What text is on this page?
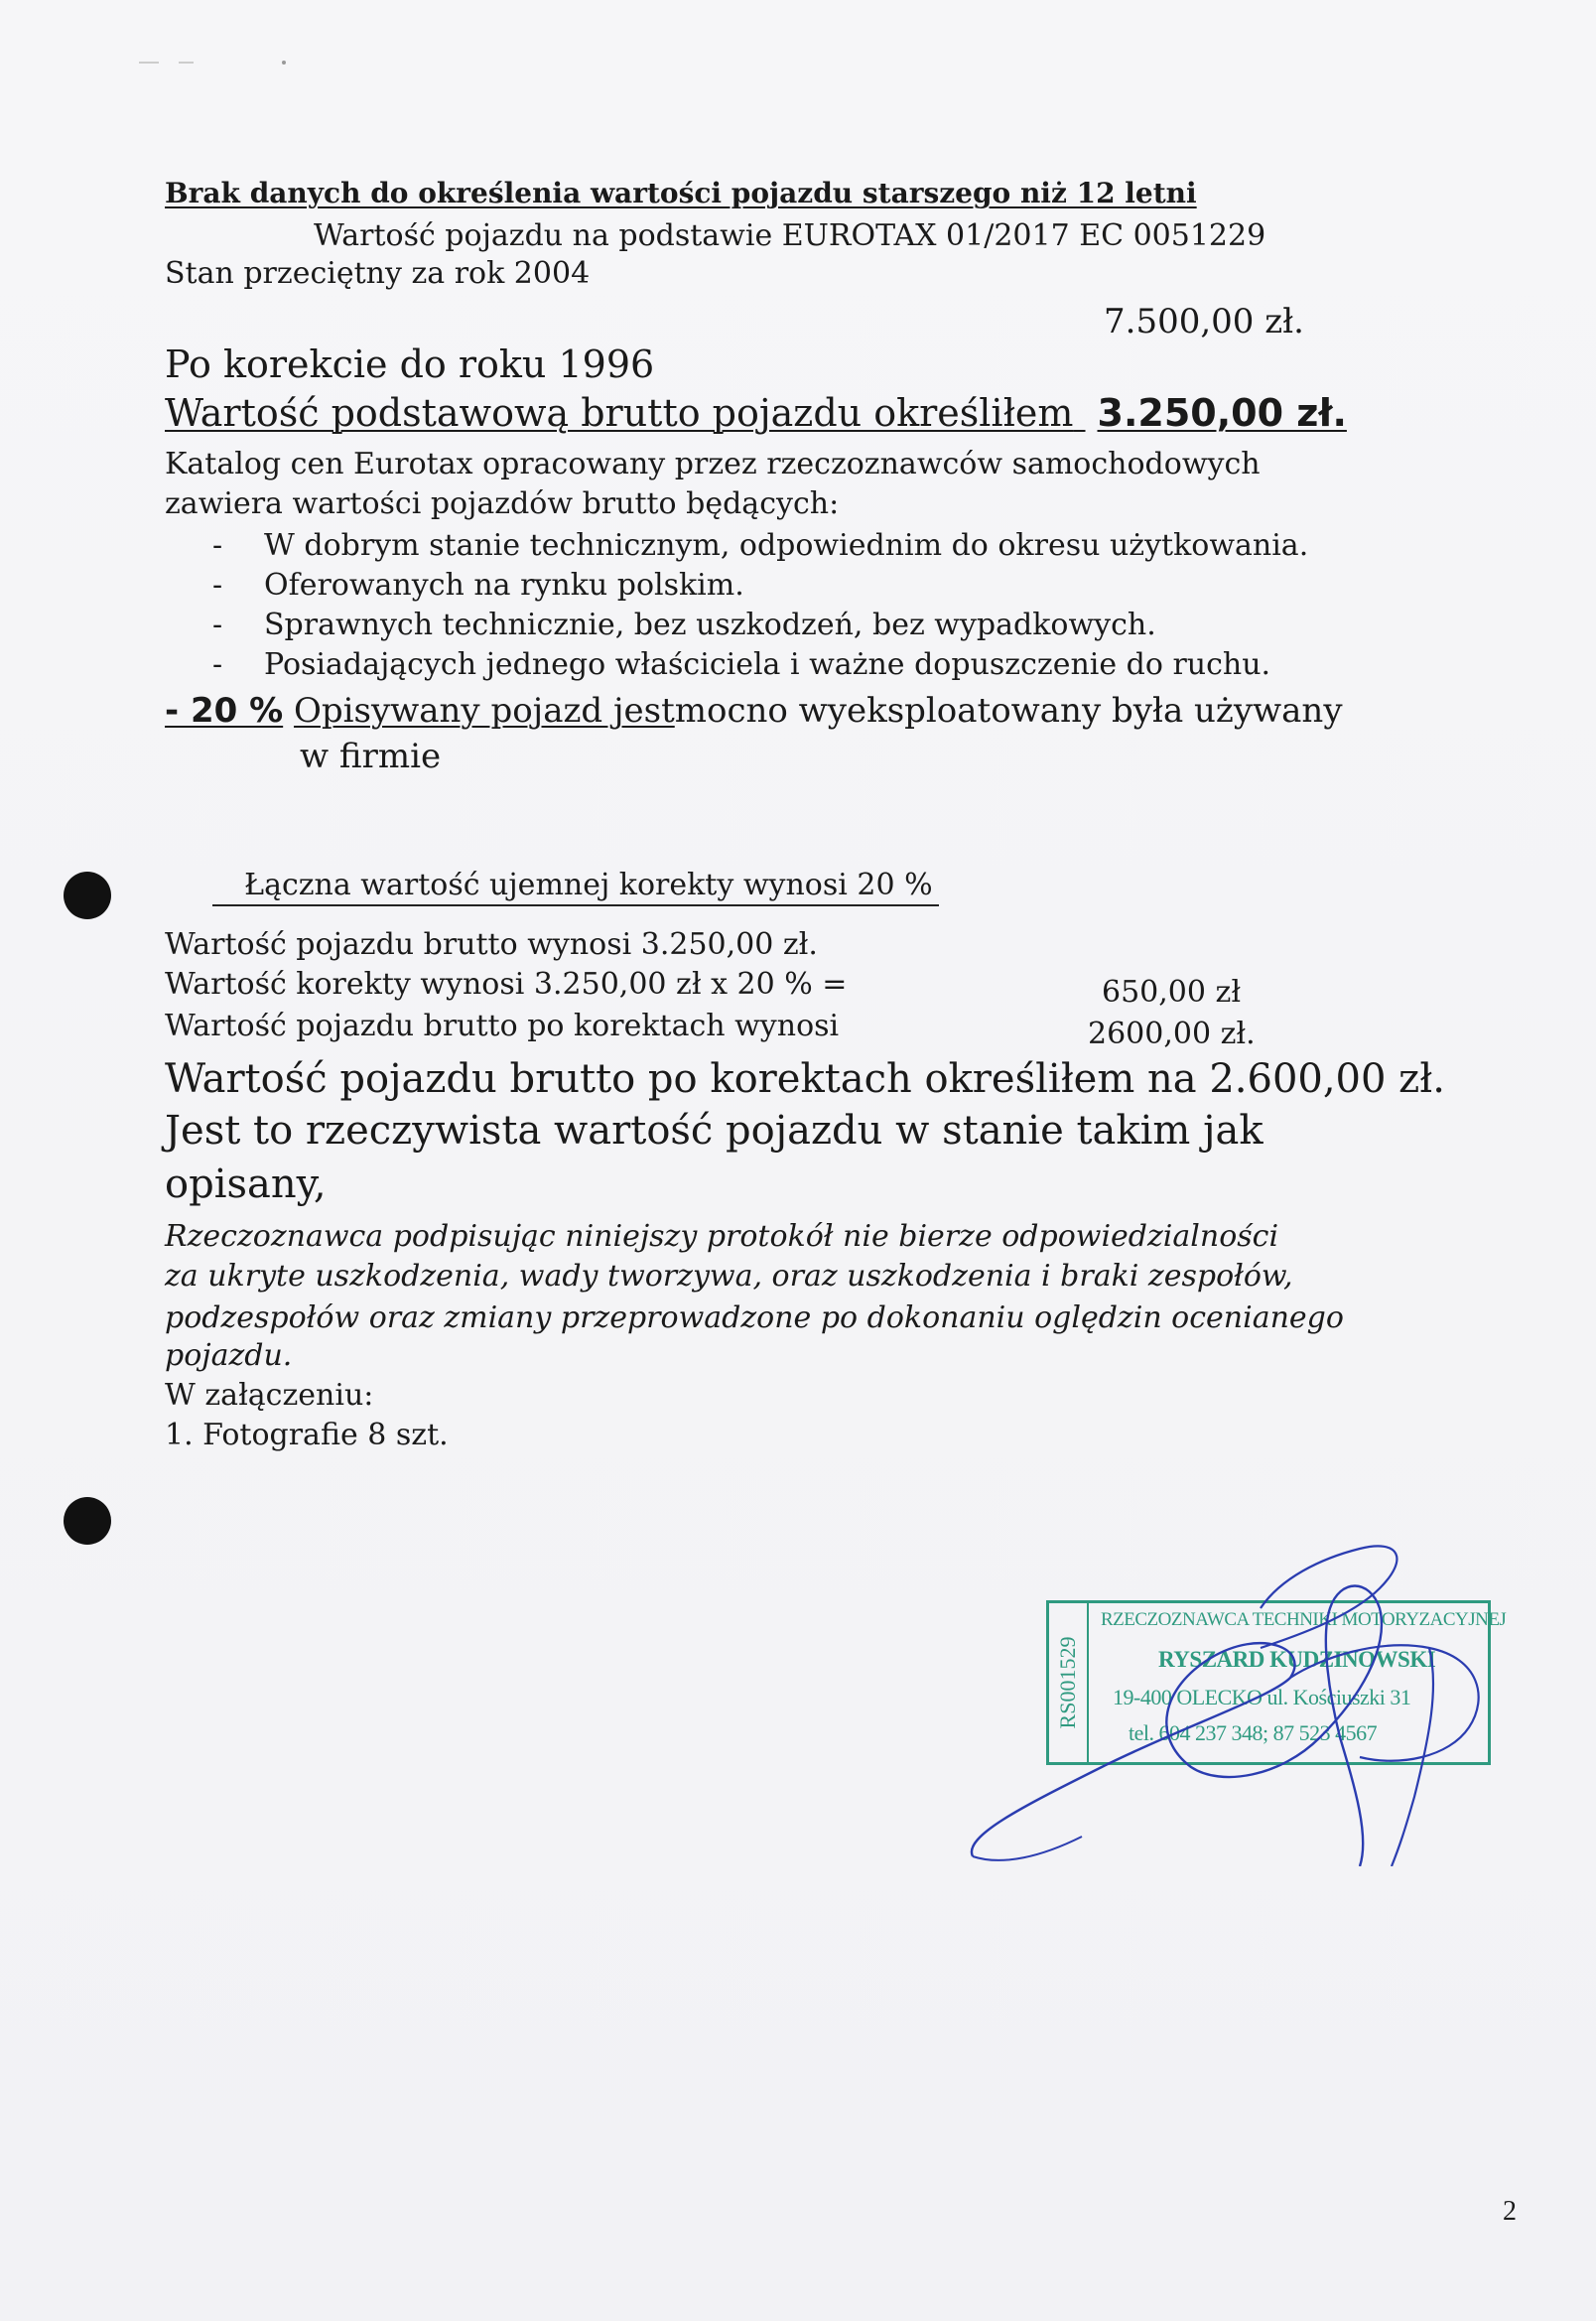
Brak danych do określenia wartości pojazdu starszego niż 12 letni
Wartość pojazdu na podstawie EUROTAX 01/2017 EC 0051229
Stan przeciętny za rok 2004
7.500,00 zł.
Po korekcie do roku 1996
Wartość podstawową brutto pojazdu określiłem 3.250,00 zł.
Katalog cen Eurotax opracowany przez rzeczoznawców samochodowych
zawiera wartości pojazdów brutto będących:
- W dobrym stanie technicznym, odpowiednim do okresu użytkowania.
- Oferowanych na rynku polskim.
- Sprawnych technicznie, bez uszkodzeń, bez wypadkowych.
- Posiadających jednego właściciela i ważne dopuszczenie do ruchu.
- 20 % Opisywany pojazd jestmocno wyeksploatowany była używany
w firmie
Łączna wartość ujemnej korekty wynosi 20 %
Wartość pojazdu brutto wynosi 3.250,00 zł.
Wartość korekty wynosi 3.250,00 zł x 20 % =	650,00 zł
Wartość pojazdu brutto po korektach wynosi	2600,00 zł.
Wartość pojazdu brutto po korektach określiłem na 2.600,00 zł.
Jest to rzeczywista wartość pojazdu w stanie takim jak
opisany,
Rzeczoznawca podpisując niniejszy protokół nie bierze odpowiedzialności
za ukryte uszkodzenia, wady tworzywa, oraz uszkodzenia i braki zespołów,
podzespołów oraz zmiany przeprowadzone po dokonaniu oględzin ocenianego
pojazdu.
W załączeniu:
1. Fotografie 8 szt.
RS001529
RZECZOZNAWCA TECHNIKI MOTORYZACYJNEJ
RYSZARD KUDZINOWSKI
19-400 OLECKO ul. Kościuszki 31
tel. 604 237 348; 87 523 4567
2
